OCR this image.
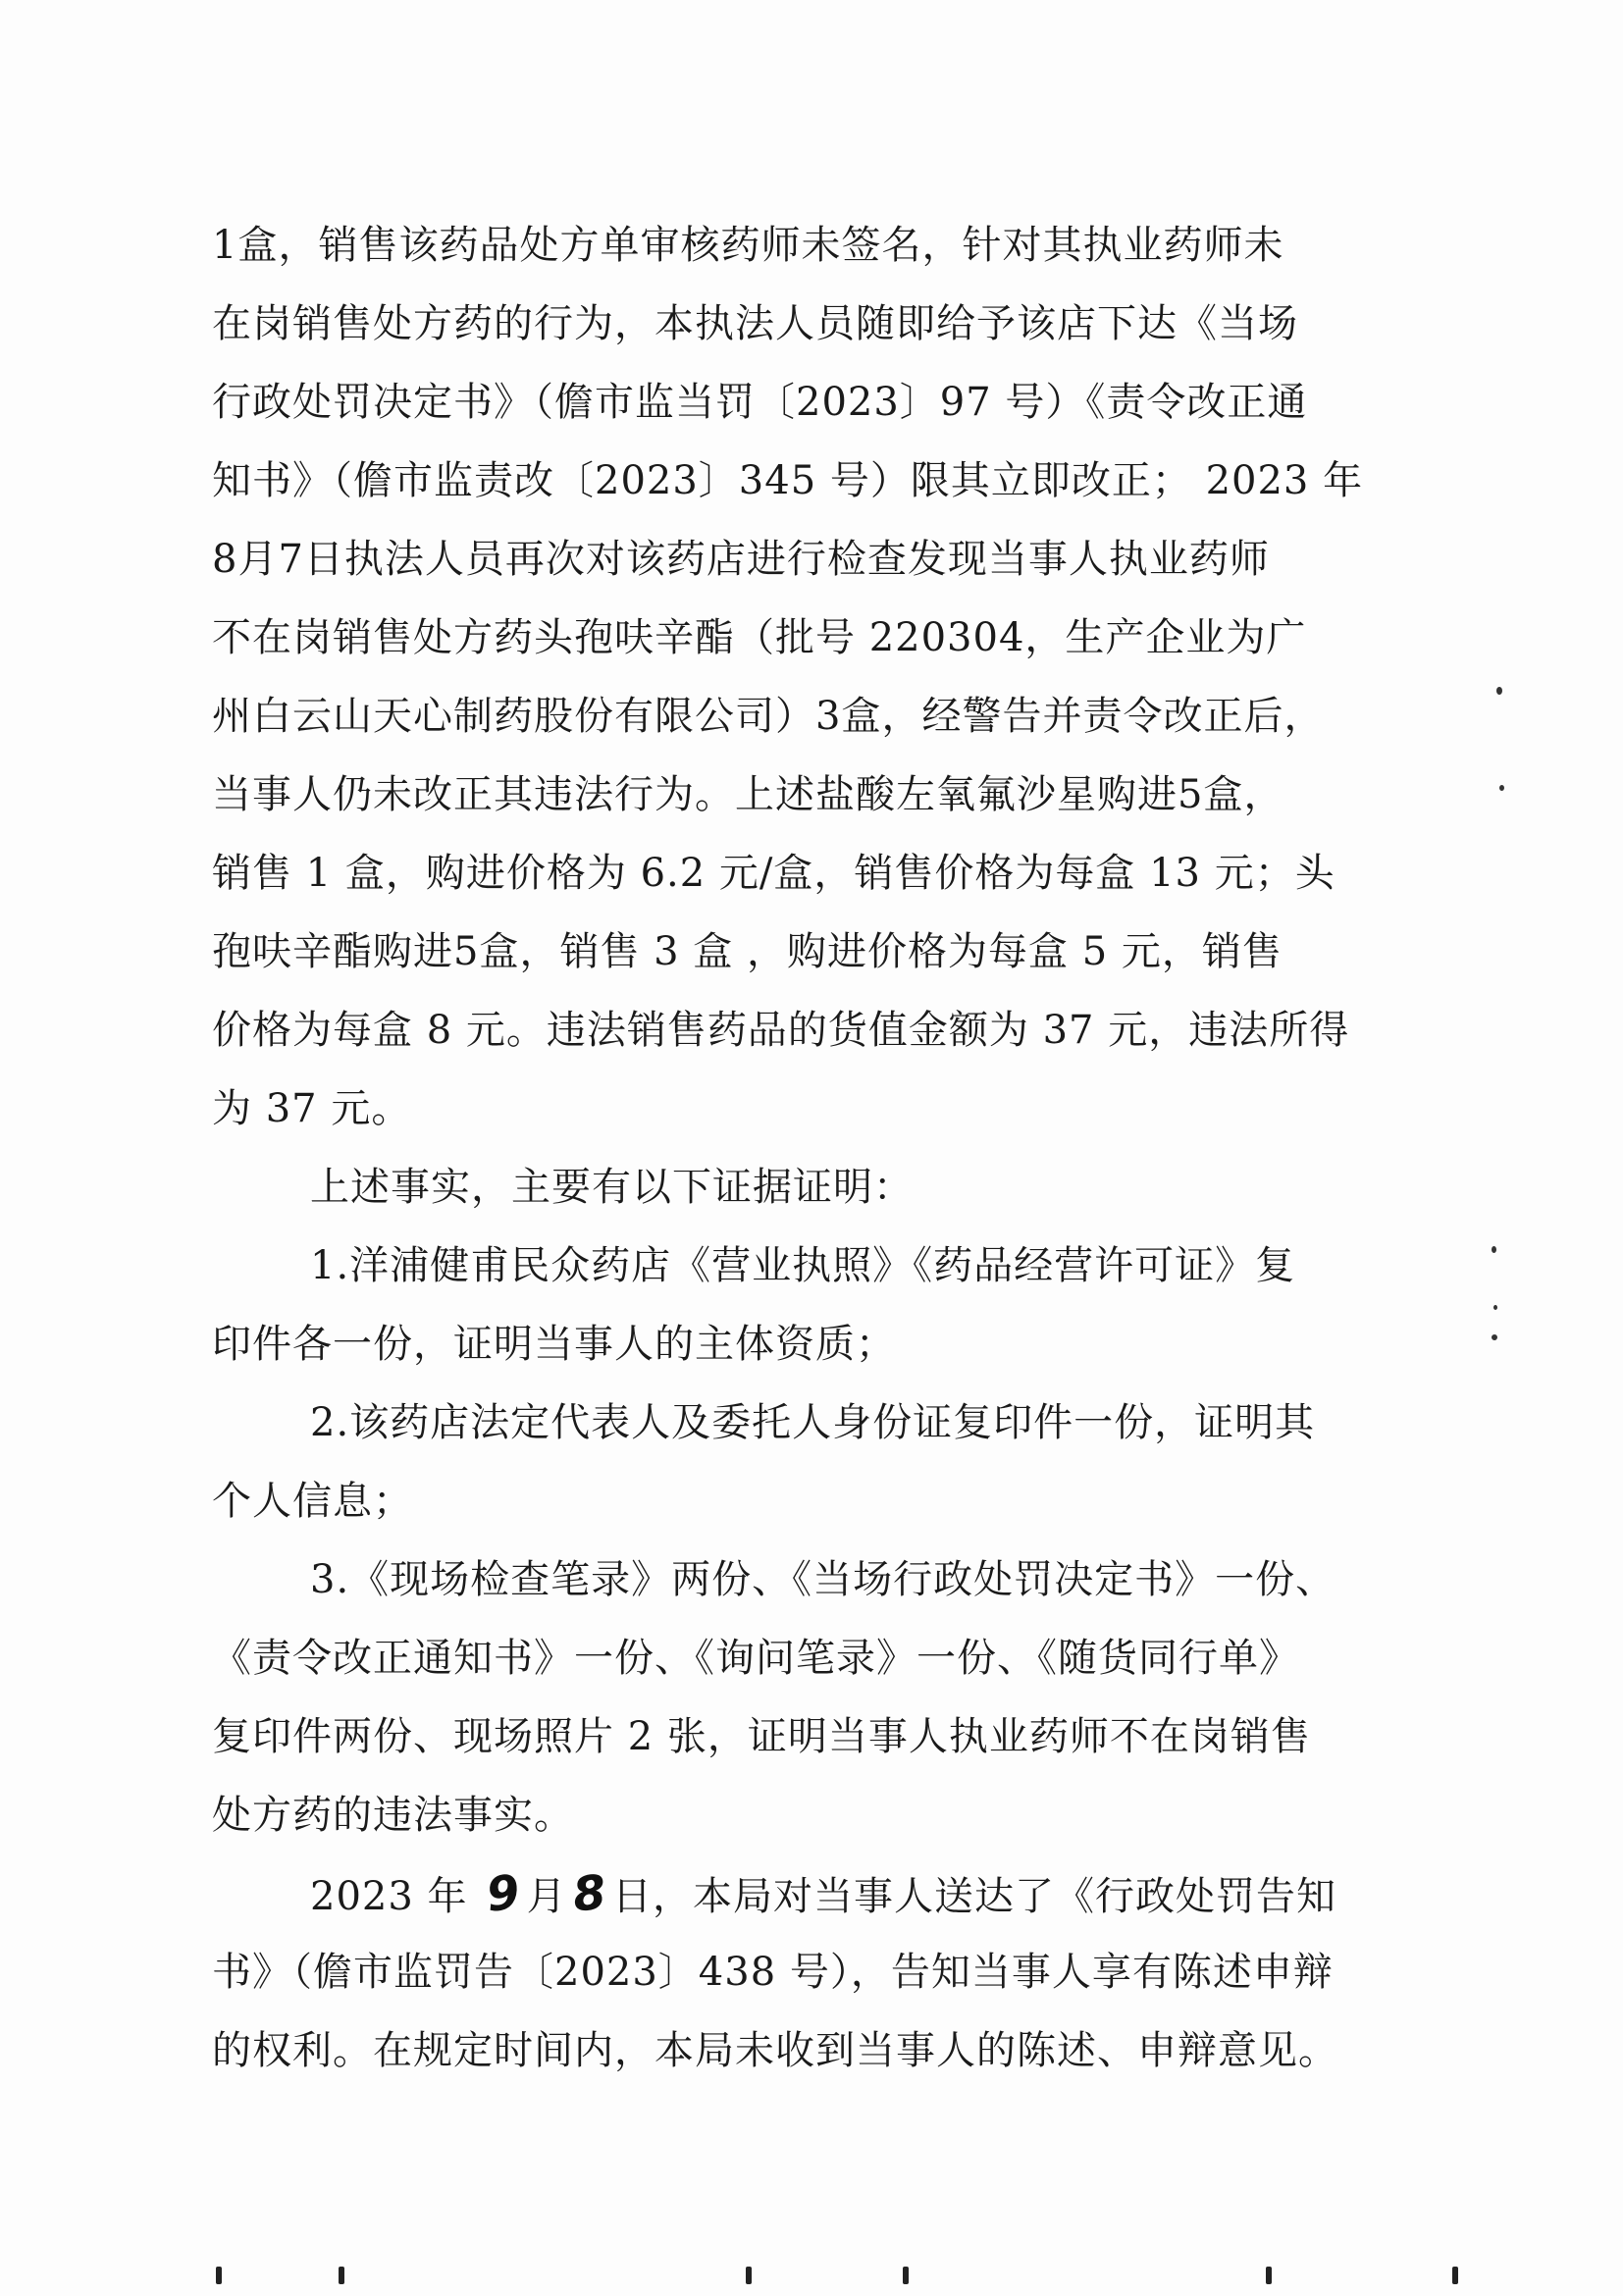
1盒，销售该药品处方单审核药师未签名，针对其执业药师未
在岗销售处方药的行为，本执法人员随即给予该店下达《当场
行政处罚决定书》（儋市监当罚〔2023〕97 号）《责令改正通
知书》（儋市监责改〔2023〕345 号）限其立即改正； 2023 年
8月7日执法人员再次对该药店进行检查发现当事人执业药师
不在岗销售处方药头孢呋辛酯（批号 220304，生产企业为广
州白云山天心制药股份有限公司）3盒，经警告并责令改正后，
当事人仍未改正其违法行为。上述盐酸左氧氟沙星购进5盒，
销售 1 盒，购进价格为 6.2 元/盒，销售价格为每盒 13 元；头
孢呋辛酯购进5盒，销售 3 盒 ，购进价格为每盒 5 元，销售
价格为每盒 8 元。违法销售药品的货值金额为 37 元，违法所得
为 37 元。
上述事实，主要有以下证据证明：
1.洋浦健甫民众药店《营业执照》《药品经营许可证》复
印件各一份，证明当事人的主体资质；
2.该药店法定代表人及委托人身份证复印件一份，证明其
个人信息；
3.《现场检查笔录》两份、《当场行政处罚决定书》一份、
《责令改正通知书》一份、《询问笔录》一份、《随货同行单》
复印件两份、现场照片 2 张，证明当事人执业药师不在岗销售
处方药的违法事实。
2023 年 9月8日，本局对当事人送达了《行政处罚告知
书》（儋市监罚告〔2023〕438 号），告知当事人享有陈述申辩
的权利。在规定时间内，本局未收到当事人的陈述、申辩意见。
